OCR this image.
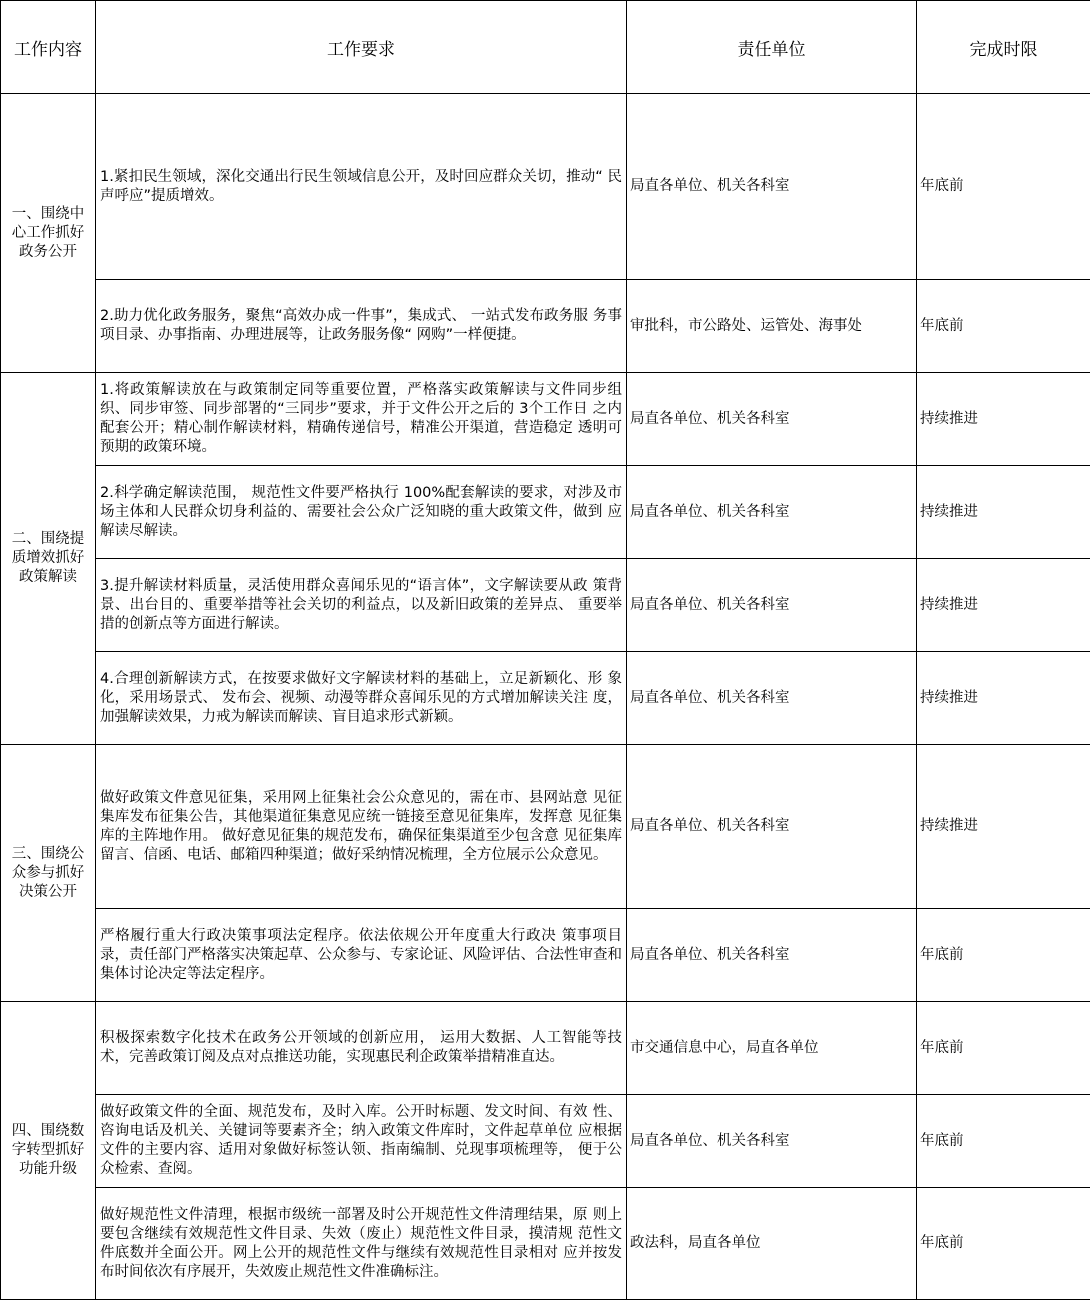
工作内容	工作要求	责任单位	完成时限
一、围绕中心工作抓好政务公开	1.紧扣民生领域，深化交通出行民生领域信息公开，及时回应群众关切，推动“ 民声呼应”提质增效。	局直各单位、机关各科室	年底前
	2.助力优化政务服务，聚焦“高效办成一件事”，集成式、 一站式发布政务服 务事项目录、办事指南、办理进展等，让政务服务像“ 网购”一样便捷。	审批科，市公路处、运管处、海事处	年底前
二、围绕提质增效抓好政策解读	1.将政策解读放在与政策制定同等重要位置，严格落实政策解读与文件同步组 织、同步审签、同步部署的“三同步”要求，并于文件公开之后的 3个工作日 之内配套公开；精心制作解读材料，精确传递信号，精准公开渠道，营造稳定 透明可预期的政策环境。	局直各单位、机关各科室	持续推进
	2.科学确定解读范围， 规范性文件要严格执行 100%配套解读的要求，对涉及市 场主体和人民群众切身利益的、需要社会公众广泛知晓的重大政策文件，做到 应解读尽解读。	局直各单位、机关各科室	持续推进
	3.提升解读材料质量，灵活使用群众喜闻乐见的“语言体”，文字解读要从政 策背景、出台目的、重要举措等社会关切的利益点，以及新旧政策的差异点、 重要举措的创新点等方面进行解读。	局直各单位、机关各科室	持续推进
	4.合理创新解读方式，在按要求做好文字解读材料的基础上，立足新颖化、形 象化，采用场景式、 发布会、视频、动漫等群众喜闻乐见的方式增加解读关注 度，加强解读效果，力戒为解读而解读、盲目追求形式新颖。	局直各单位、机关各科室	持续推进
三、围绕公众参与抓好决策公开	做好政策文件意见征集，采用网上征集社会公众意见的，需在市、县网站意 见征集库发布征集公告，其他渠道征集意见应统一链接至意见征集库，发挥意 见征集库的主阵地作用。 做好意见征集的规范发布，确保征集渠道至少包含意 见征集库留言、信函、电话、邮箱四种渠道；做好采纳情况梳理，全方位展示公众意见。	局直各单位、机关各科室	持续推进
	严格履行重大行政决策事项法定程序。依法依规公开年度重大行政决 策事项目录，责任部门严格落实决策起草、公众参与、专家论证、风险评估、合法性审查和集体讨论决定等法定程序。	局直各单位、机关各科室	年底前
四、围绕数字转型抓好功能升级	积极探索数字化技术在政务公开领域的创新应用， 运用大数据、人工智能等技术，完善政策订阅及点对点推送功能，实现惠民利企政策举措精准直达。	市交通信息中心，局直各单位	年底前
	做好政策文件的全面、规范发布，及时入库。公开时标题、发文时间、有效 性、咨询电话及机关、关键词等要素齐全；纳入政策文件库时，文件起草单位 应根据文件的主要内容、适用对象做好标签认领、指南编制、兑现事项梳理等， 便于公众检索、查阅。	局直各单位、机关各科室	年底前
	做好规范性文件清理，根据市级统一部署及时公开规范性文件清理结果，原 则上要包含继续有效规范性文件目录、失效（废止）规范性文件目录，摸清规 范性文件底数并全面公开。网上公开的规范性文件与继续有效规范性目录相对 应并按发布时间依次有序展开，失效废止规范性文件准确标注。	政法科，局直各单位	年底前
